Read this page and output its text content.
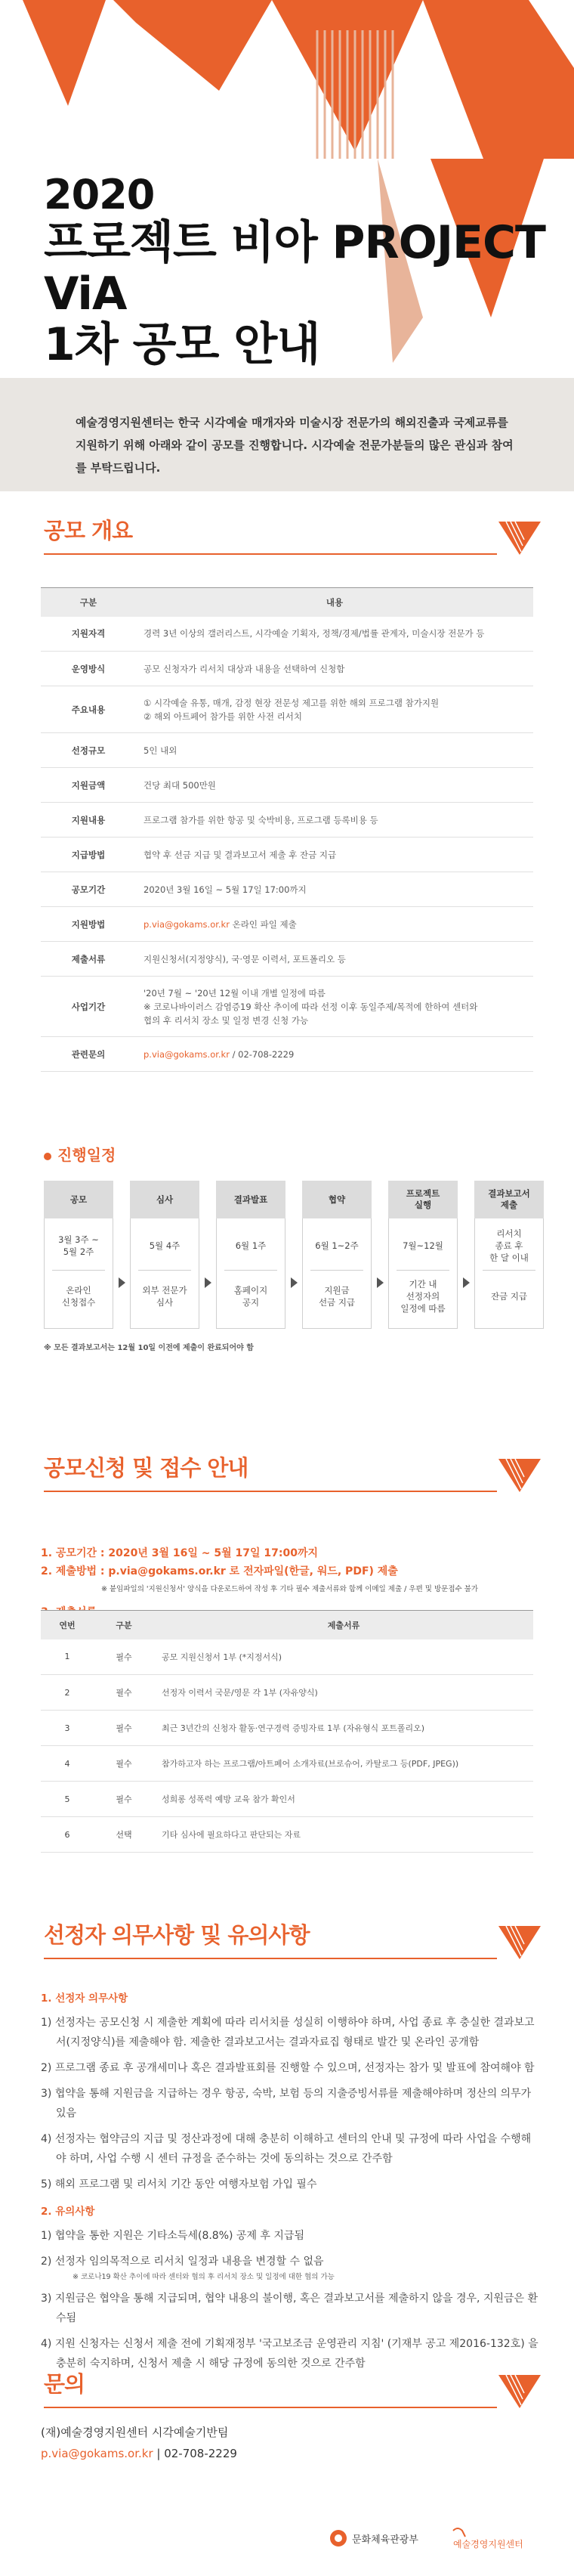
2020
프로젝트 비아 PROJECT ViA
1차 공모 안내

예술경영지원센터는 한국 시각예술 매개자와 미술시장 전문가의 해외진출과 국제교류를 지원하기 위해 아래와 같이 공모를 진행합니다. 시각예술 전문가분들의 많은 관심과 참여를 부탁드립니다.

공모 개요
구분	내용
지원자격	경력 3년 이상의 갤러리스트, 시각예술 기획자, 정책/경제/법률 관계자, 미술시장 전문가 등
운영방식	공모 신청자가 리서치 대상과 내용을 선택하여 신청함
주요내용	① 시각예술 유통, 매개, 감정 현장 전문성 제고를 위한 해외 프로그램 참가지원
② 해외 아트페어 참가를 위한 사전 리서치

선정규모	5인 내외
지원금액	건당 최대 500만원
지원내용	프로그램 참가를 위한 항공 및 숙박비용, 프로그램 등록비용 등
지급방법	협약 후 선금 지급 및 결과보고서 제출 후 잔금 지급
공모기간	2020년 3월 16일 ~ 5월 17일 17:00까지
지원방법	p.via@gokams.or.kr 온라인 파일 제출
제출서류	지원신청서(지정양식), 국·영문 이력서, 포트폴리오 등
사업기간	'20년 7월 ~ '20년 12월 이내 개별 일정에 따름
※ 코로나바이러스 감염증19 확산 추이에 따라 선정 이후 동일주제/목적에 한하여 센터와
협의 후 리서치 장소 및 일정 변경 신청 가능

관련문의	p.via@gokams.or.kr / 02-708-2229
진행일정
공모
3월 3주 ~
5월 2주
온라인
신청접수
심사
5월 4주
외부 전문가
심사
결과발표
6월 1주
홈페이지
공지
협약
6월 1~2주
지원금
선금 지급
프로젝트
실행
7월~12월
기간 내
선정자의
일정에 따름
결과보고서
제출
리서치
종료 후
한 달 이내
잔금 지급
※ 모든 결과보고서는 12월 10일 이전에 제출이 완료되어야 함
공모신청 및 접수 안내
1. 공모기간 : 2020년 3월 16일 ~ 5월 17일 17:00까지
2. 제출방법 : p.via@gokams.or.kr 로 전자파일(한글, 워드, PDF) 제출
※ 붙임파일의 '지원신청서' 양식을 다운로드하여 작성 후 기타 필수 제출서류와 함께 이메일 제출 / 우편 및 방문접수 불가
연번	구분	제출서류
1	필수	공모 지원신청서 1부 (*지정서식)
2	필수	선정자 이력서 국문/영문 각 1부 (자유양식)
3	필수	최근 3년간의 신청자 활동·연구경력 증빙자료 1부 (자유형식 포트폴리오)
4	필수	참가하고자 하는 프로그램/아트페어 소개자료(브로슈어, 카탈로그 등(PDF, JPEG))
5	필수	성희롱 성폭력 예방 교육 참가 확인서
6	선택	기타 심사에 필요하다고 판단되는 자료
선정자 의무사항 및 유의사항
1. 선정자 의무사항
1) 선정자는 공모신청 시 제출한 계획에 따라 리서치를 성실히 이행하야 하며, 사업 종료 후 충실한 결과보고서(지정양식)를 제출해야 함. 제출한 결과보고서는 결과자료집 형태로 발간 및 온라인 공개함
2) 프로그램 종료 후 공개세미나 혹은 결과발표회를 진행할 수 있으며, 선정자는 참가 및 발표에 참여해야 함
3) 협약을 통해 지원금을 지급하는 경우 항공, 숙박, 보험 등의 지출증빙서류를 제출해야하며 정산의 의무가 있음
4) 선정자는 협약금의 지급 및 정산과정에 대해 충분히 이해하고 센터의 안내 및 규정에 따라 사업을 수행해야 하며, 사업 수행 시 센터 규정을 준수하는 것에 동의하는 것으로 간주함
5) 해외 프로그램 및 리서치 기간 동안 여행자보험 가입 필수
2. 유의사항
1) 협약을 통한 지원은 기타소득세(8.8%) 공제 후 지급됨
2) 선정자 임의목적으로 리서치 일정과 내용을 변경할 수 없음
※ 코로나19 확산 추이에 따라 센터와 협의 후 리서치 장소 및 일정에 대한 협의 가능
3) 지원금은 협약을 통해 지급되며, 협약 내용의 불이행, 혹은 결과보고서를 제출하지 않을 경우, 지원금은 환수됨
4) 지원 신청자는 신청서 제출 전에 기획재정부 '국고보조금 운영관리 지침' (기재부 공고 제2016-132호) 을 충분히 숙지하며, 신청서 제출 시 해당 규정에 동의한 것으로 간주함
문의
(재)예술경영지원센터 시각예술기반팀
p.via@gokams.or.kr | 02-708-2229
문화체육관광부	예술경영지원센터
